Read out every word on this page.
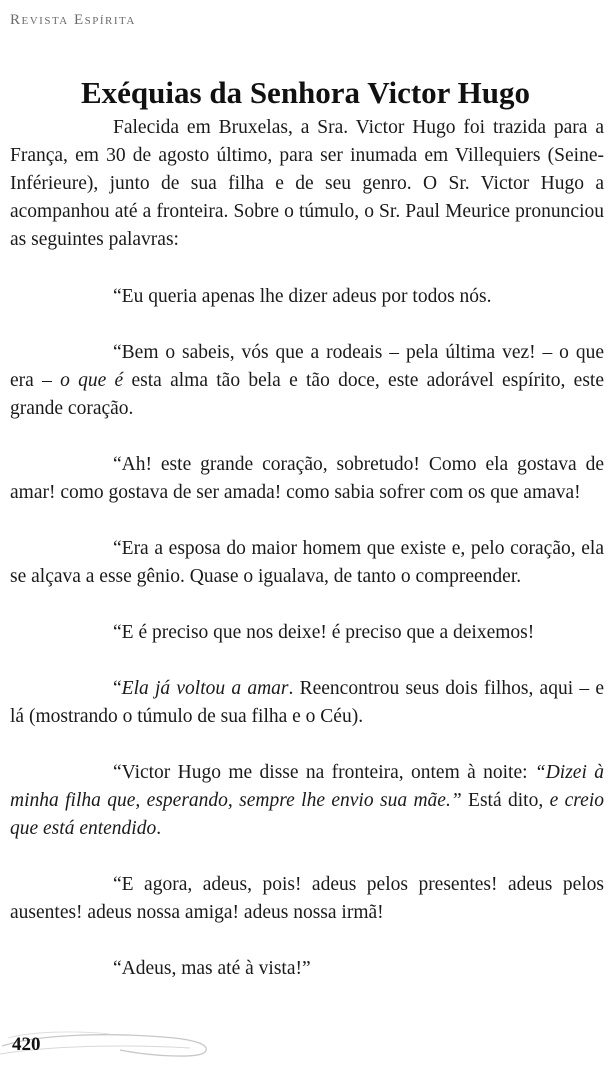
Revista Espírita
Exéquias da Senhora Victor Hugo

Falecida em Bruxelas, a Sra. Victor Hugo foi trazida para a França, em 30 de agosto último, para ser inumada em Villequiers (Seine-Inférieure), junto de sua filha e de seu genro. O Sr. Victor Hugo a acompanhou até a fronteira. Sobre o túmulo, o Sr. Paul Meurice pronunciou as seguintes palavras:

“Eu queria apenas lhe dizer adeus por todos nós.

“Bem o sabeis, vós que a rodeais – pela última vez! – o que era – o que é esta alma tão bela e tão doce, este adorável espírito, este grande coração.

“Ah! este grande coração, sobretudo! Como ela gostava de amar! como gostava de ser amada! como sabia sofrer com os que amava!

“Era a esposa do maior homem que existe e, pelo coração, ela se alçava a esse gênio. Quase o igualava, de tanto o compreender.

“E é preciso que nos deixe! é preciso que a deixemos!

“Ela já voltou a amar. Reencontrou seus dois filhos, aqui – e lá (mostrando o túmulo de sua filha e o Céu).

“Victor Hugo me disse na fronteira, ontem à noite: “Dizei à minha filha que, esperando, sempre lhe envio sua mãe.” Está dito, e creio que está entendido.

“E agora, adeus, pois! adeus pelos presentes! adeus pelos ausentes! adeus nossa amiga! adeus nossa irmã!

“Adeus, mas até à vista!”

420
